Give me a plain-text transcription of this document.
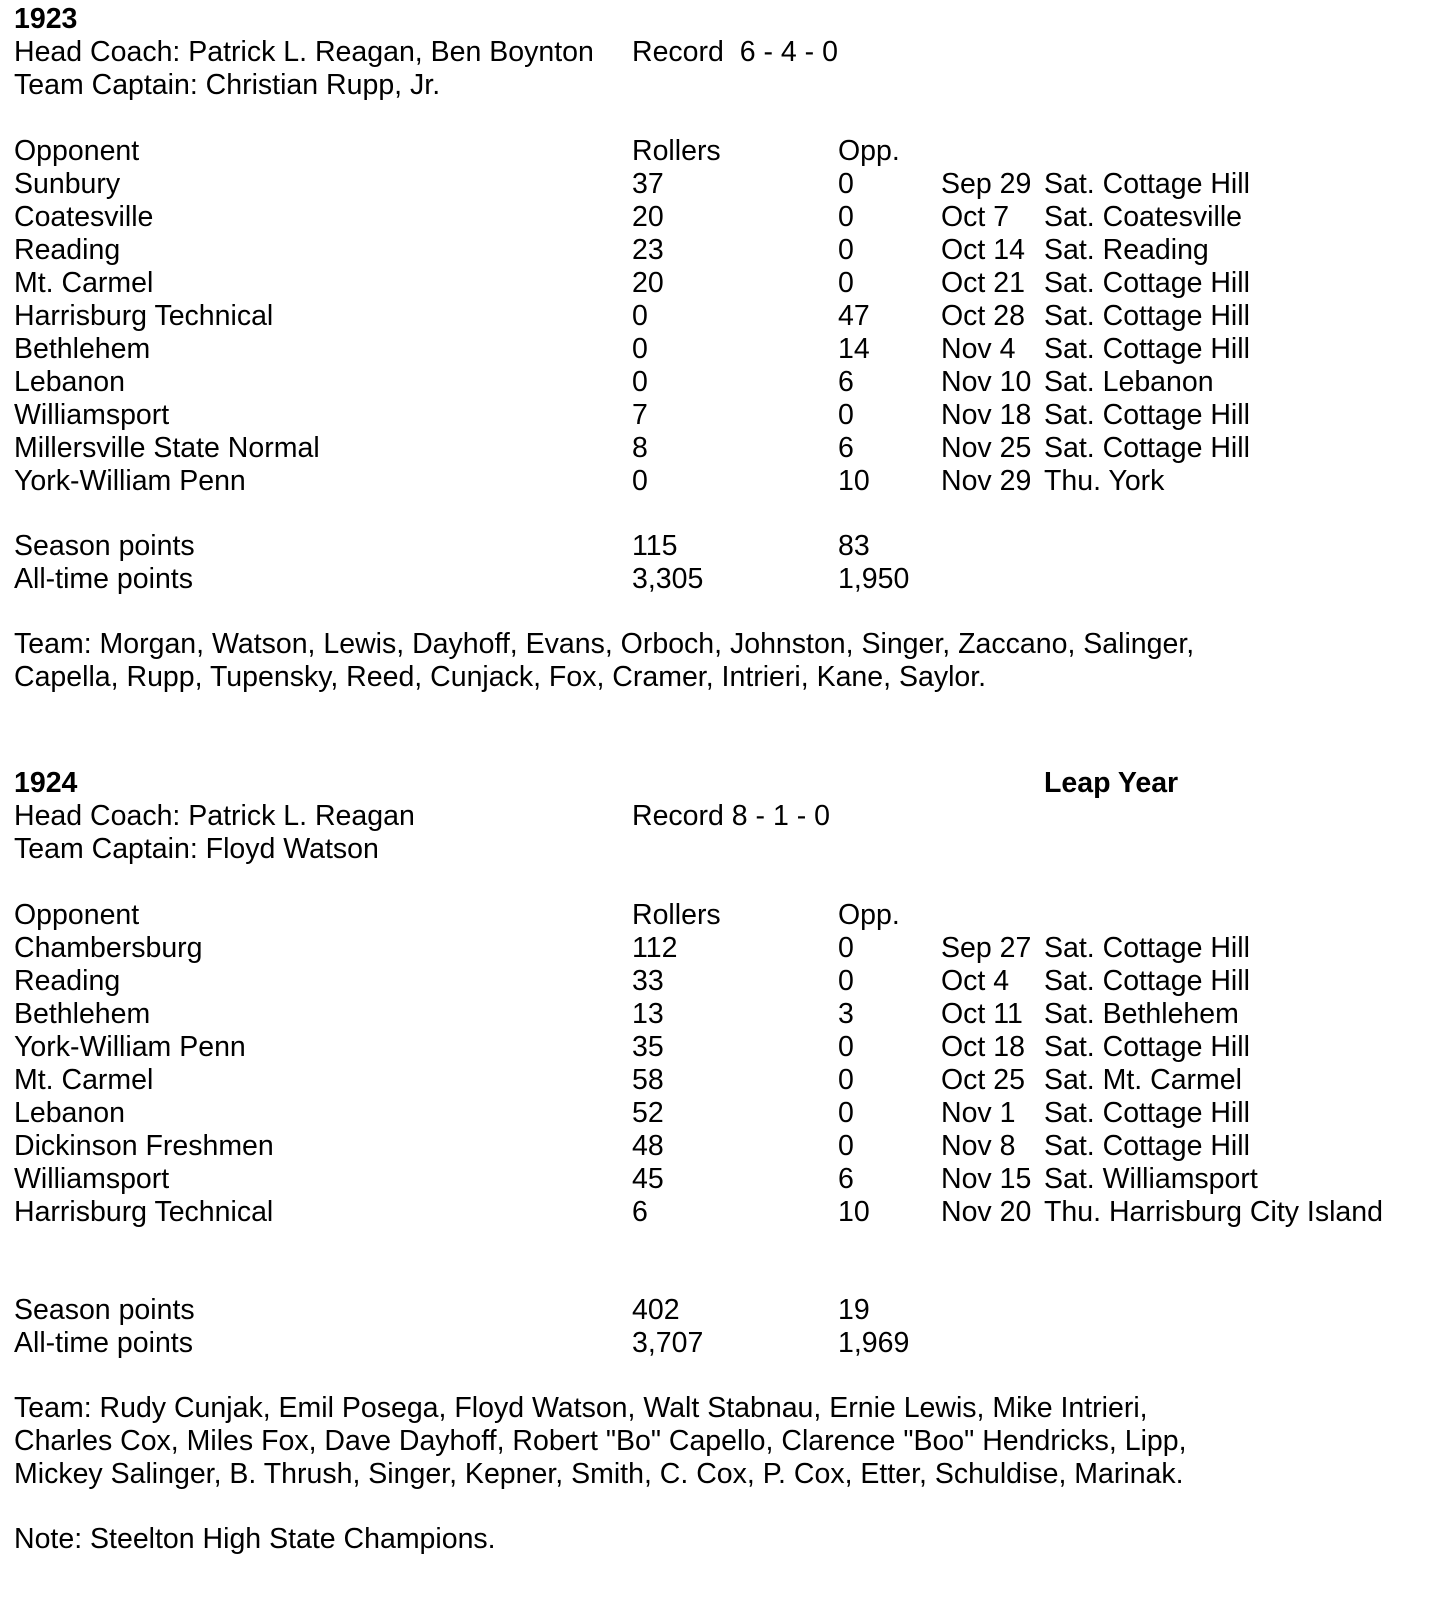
1923
Head Coach: Patrick L. Reagan, Ben Boynton Record  6 - 4 - 0
Team Captain: Christian Rupp, Jr.
Opponent	Rollers	Opp.
Sunbury	37	0	Sep 29 Sat. Cottage Hill
Coatesville	20	0	Oct 7 Sat. Coatesville
Reading	23	0	Oct 14 Sat. Reading
Mt. Carmel	20	0	Oct 21 Sat. Cottage Hill
Harrisburg Technical	0	47	Oct 28 Sat. Cottage Hill
Bethlehem	0	14	Nov 4 Sat. Cottage Hill
Lebanon	0	6	Nov 10 Sat. Lebanon
Williamsport	7	0	Nov 18 Sat. Cottage Hill
Millersville State Normal	8	6	Nov 25 Sat. Cottage Hill
York-William Penn	0	10	Nov 29 Thu. York
Season points	115	83
All-time points	3,305	1,950
Team: Morgan, Watson, Lewis, Dayhoff, Evans, Orboch, Johnston, Singer, Zaccano, Salinger,
Capella, Rupp, Tupensky, Reed, Cunjack, Fox, Cramer, Intrieri, Kane, Saylor.
1924	Leap Year
Head Coach: Patrick L. Reagan	Record 8 - 1 - 0
Team Captain: Floyd Watson
Opponent	Rollers	Opp.
Chambersburg	112	0	Sep 27 Sat. Cottage Hill
Reading	33	0	Oct 4 Sat. Cottage Hill
Bethlehem	13	3	Oct 11 Sat. Bethlehem
York-William Penn	35	0	Oct 18 Sat. Cottage Hill
Mt. Carmel	58	0	Oct 25 Sat. Mt. Carmel
Lebanon	52	0	Nov 1 Sat. Cottage Hill
Dickinson Freshmen	48	0	Nov 8 Sat. Cottage Hill
Williamsport	45	6	Nov 15 Sat. Williamsport
Harrisburg Technical	6	10	Nov 20 Thu. Harrisburg City Island
Season points	402	19
All-time points	3,707	1,969
Team: Rudy Cunjak, Emil Posega, Floyd Watson, Walt Stabnau, Ernie Lewis, Mike Intrieri,
Charles Cox, Miles Fox, Dave Dayhoff, Robert "Bo" Capello, Clarence "Boo" Hendricks, Lipp,
Mickey Salinger, B. Thrush, Singer, Kepner, Smith, C. Cox, P. Cox, Etter, Schuldise, Marinak.
Note: Steelton High State Champions.
